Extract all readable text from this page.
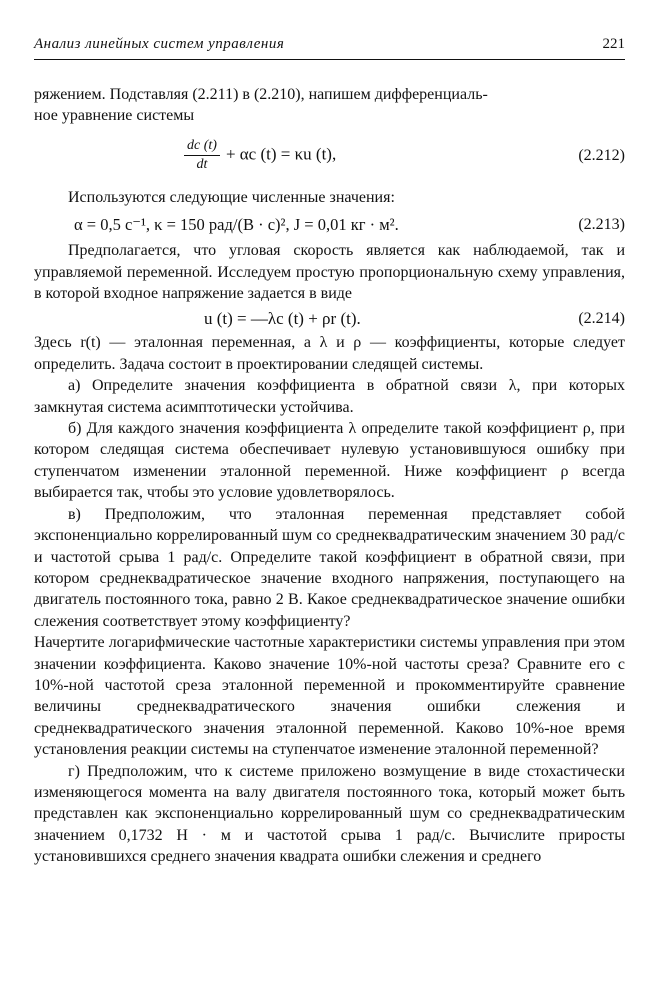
Анализ линейных систем управления	221

ряжением. Подставляя (2.211) в (2.210), напишем дифференциаль-

ное уравнение системы

$\frac{dc (t)}{dt} + \alpha c$ (t) = κu (t),	(2.212)

Используются следующие численные значения:

α = 0,5 с⁻¹, κ = 150 рад/(В · с)², J = 0,01 кг · м².	(2.213)

Предполагается, что угловая скорость является как наблюдаемой, так и управляемой переменной. Исследуем простую пропорциональную схему управления, в которой входное напряжение задается в виде

u (t) = —λc (t) + ρr (t).	(2.214)

Здесь r(t) — эталонная переменная, а λ и ρ — коэффициенты, которые следует определить. Задача состоит в проектировании следящей системы.

а) Определите значения коэффициента в обратной связи λ, при которых замкнутая система асимптотически устойчива.

б) Для каждого значения коэффициента λ определите такой коэффициент ρ, при котором следящая система обеспечивает нулевую установившуюся ошибку при ступенчатом изменении эталонной переменной. Ниже коэффициент ρ всегда выбирается так, чтобы это условие удовлетворялось.

в) Предположим, что эталонная переменная представляет собой экспоненциально коррелированный шум со среднеквадратическим значением 30 рад/с и частотой срыва 1 рад/с. Определите такой коэффициент в обратной связи, при котором среднеквадратическое значение входного напряжения, поступающего на двигатель постоянного тока, равно 2 В. Какое среднеквадратическое значение ошибки слежения соответствует этому коэффициенту?

Начертите логарифмические частотные характеристики системы управления при этом значении коэффициента. Каково значение 10%-ной частоты среза? Сравните его с 10%-ной частотой среза эталонной переменной и прокомментируйте сравнение величины среднеквадратического значения ошибки слежения и среднеквадратического значения эталонной переменной. Каково 10%-ное время установления реакции системы на ступенчатое изменение эталонной переменной?

г) Предположим, что к системе приложено возмущение в виде стохастически изменяющегося момента на валу двигателя постоянного тока, который может быть представлен как экспоненциально коррелированный шум со среднеквадратическим значением 0,1732 Н · м и частотой срыва 1 рад/с. Вычислите приросты установившихся среднего значения квадрата ошибки слежения и среднего
